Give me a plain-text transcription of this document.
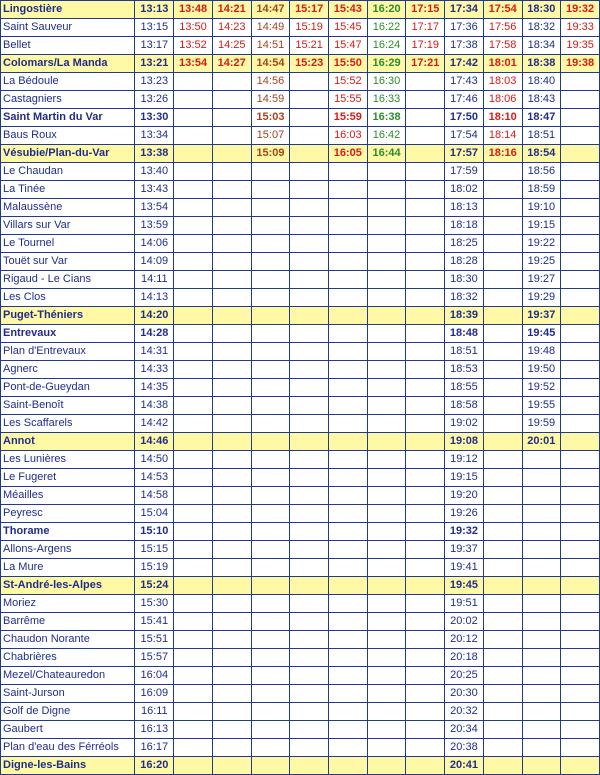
Lingostière	13:13	13:48	14:21	14:47	15:17	15:43	16:20	17:15	17:34	17:54	18:30	19:32
Saint Sauveur	13:15	13:50	14:23	14:49	15:19	15:45	16:22	17:17	17:36	17:56	18:32	19:33
Bellet	13:17	13:52	14:25	14:51	15:21	15:47	16:24	17:19	17:38	17:58	18:34	19:35
Colomars/La Manda	13:21	13:54	14:27	14:54	15:23	15:50	16:29	17:21	17:42	18:01	18:38	19:38
La Bédoule	13:23			14:56		15:52	16:30		17:43	18:03	18:40	
Castagniers	13:26			14:59		15:55	16:33		17:46	18:06	18:43	
Saint Martin du Var	13:30			15:03		15:59	16:38		17:50	18:10	18:47	
Baus Roux	13:34			15:07		16:03	16:42		17:54	18:14	18:51	
Vésubie/Plan-du-Var	13:38			15:09		16:05	16:44		17:57	18:16	18:54	
Le Chaudan	13:40								17:59		18:56	
La Tinée	13:43								18:02		18:59	
Malaussène	13:54								18:13		19:10	
Villars sur Var	13:59								18:18		19:15	
Le Tournel	14:06								18:25		19:22	
Touët sur Var	14:09								18:28		19:25	
Rigaud - Le Cians	14:11								18:30		19:27	
Les Clos	14:13								18:32		19:29	
Puget-Théniers	14:20								18:39		19:37	
Entrevaux	14:28								18:48		19:45	
Plan d'Entrevaux	14:31								18:51		19:48	
Agnerc	14:33								18:53		19:50	
Pont-de-Gueydan	14:35								18:55		19:52	
Saint-Benoît	14:38								18:58		19:55	
Les Scaffarels	14:42								19:02		19:59	
Annot	14:46								19:08		20:01	
Les Lunières	14:50								19:12			
Le Fugeret	14:53								19:15			
Méailles	14:58								19:20			
Peyresc	15:04								19:26			
Thorame	15:10								19:32			
Allons-Argens	15:15								19:37			
La Mure	15:19								19:41			
St-André-les-Alpes	15:24								19:45			
Moriez	15:30								19:51			
Barrême	15:41								20:02			
Chaudon Norante	15:51								20:12			
Chabrières	15:57								20:18			
Mezel/Chateauredon	16:04								20:25			
Saint-Jurson	16:09								20:30			
Golf de Digne	16:11								20:32			
Gaubert	16:13								20:34			
Plan d'eau des Férréols	16:17								20:38			
Digne-les-Bains	16:20								20:41			
